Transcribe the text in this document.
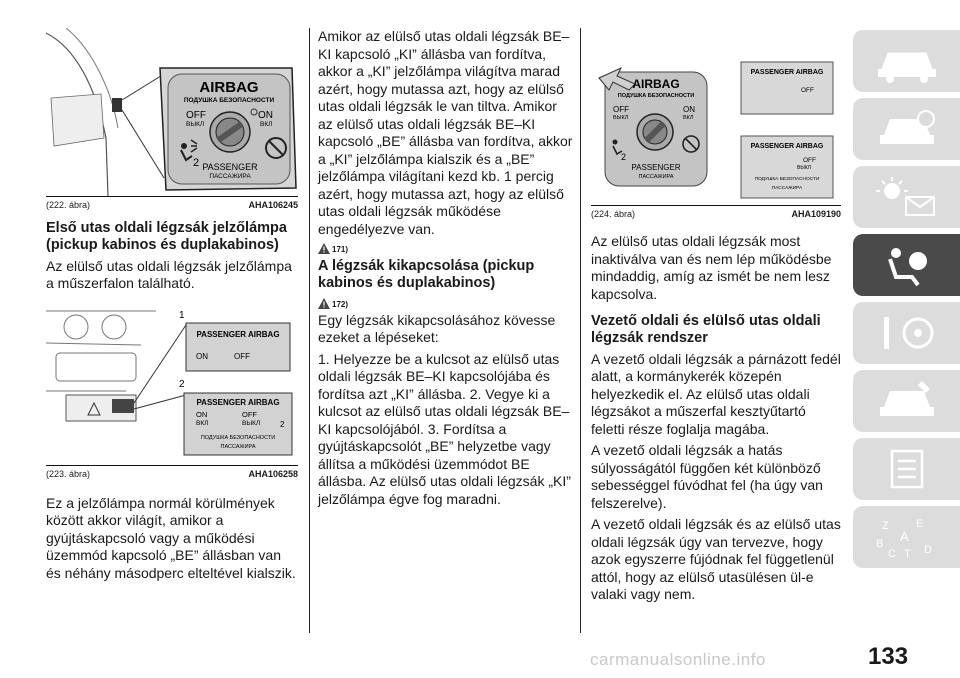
AIRBAG
ПОДУШКА БЕЗОПАСНОСТИ
OFF
ВЫКЛ
ON
ВКЛ
2 PASSENGER
ПАССАЖИРА
(222. ábra)	AHA106245
Első utas oldali légzsák jelzőlámpa (pickup kabinos és duplakabinos)

Az elülső utas oldali légzsák jelzőlámpa a műszerfalon található.

1
2
PASSENGER AIRBAG
ON	OFF
PASSENGER AIRBAG
ON
ВКЛ
OFF
ВЫКЛ 2
ПОДУШКА БЕЗОПАСНОСТИ
ПАССАЖИРА
(223. ábra)	AHA106258

Ez a jelzőlámpa normál körülmények között akkor világít, amikor a gyújtáskapcsoló vagy a működési üzemmód kapcsoló „BE” állásban van és néhány másodperc elteltével kialszik.

Amikor az elülső utas oldali légzsák BE–KI kapcsoló „KI” állásba van fordítva, akkor a „KI” jelzőlámpa világítva marad azért, hogy mutassa azt, hogy az elülső utas oldali légzsák le van tiltva. Amikor az elülső utas oldali légzsák BE–KI kapcsoló „BE” állásba van fordítva, akkor a „KI” jelzőlámpa kialszik és a „BE” jelzőlámpa világítani kezd kb. 1 percig azért, hogy mutassa azt, hogy az elülső utas oldali légzsák működése engedélyezve van.

171)
A légzsák kikapcsolása (pickup kabinos és duplakabinos)
172)

Egy légzsák kikapcsolásához kövesse ezeket a lépéseket:

1. Helyezze be a kulcsot az elülső utas oldali légzsák BE–KI kapcsolójába és fordítsa azt „KI” állásba. 2. Vegye ki a kulcsot az elülső utas oldali légzsák BE–KI kapcsolójából. 3. Fordítsa a gyújtáskapcsolót „BE” helyzetbe vagy állítsa a működési üzemmódot BE állásba. Az elülső utas oldali légzsák „KI” jelzőlámpa égve fog maradni.

AIRBAG
ПОДУШКА БЕЗОПАСНОСТИ
OFF
ВЫКЛ
ON
ВКЛ
2
PASSENGER
ПАССАЖИРА
PASSENGER AIRBAG
OFF
PASSENGER AIRBAG
OFF
ВЫКЛ
ПОДУШКА БЕЗОПАСНОСТИ
ПАССАЖИРА
(224. ábra)	AHA109190

Az elülső utas oldali légzsák most inaktiválva van és nem lép működésbe mindaddig, amíg az ismét be nem lesz kapcsolva.

Vezető oldali és elülső utas oldali légzsák rendszer

A vezető oldali légzsák a párnázott fedél alatt, a kormánykerék közepén helyezkedik el. Az elülső utas oldali légzsákot a műszerfal kesztyűtartó feletti része foglalja magába.

A vezető oldali légzsák a hatás súlyosságától függően két különböző sebességgel fúvódhat fel (ha úgy van felszerelve).

A vezető oldali légzsák és az elülső utas oldali légzsák úgy van tervezve, hogy azok egyszerre fújódnak fel függetlenül attól, hogy az elülső utasülésen ül-e valaki vagy nem.

Z E
A
B
C T D
carmanualsonline.info	133
